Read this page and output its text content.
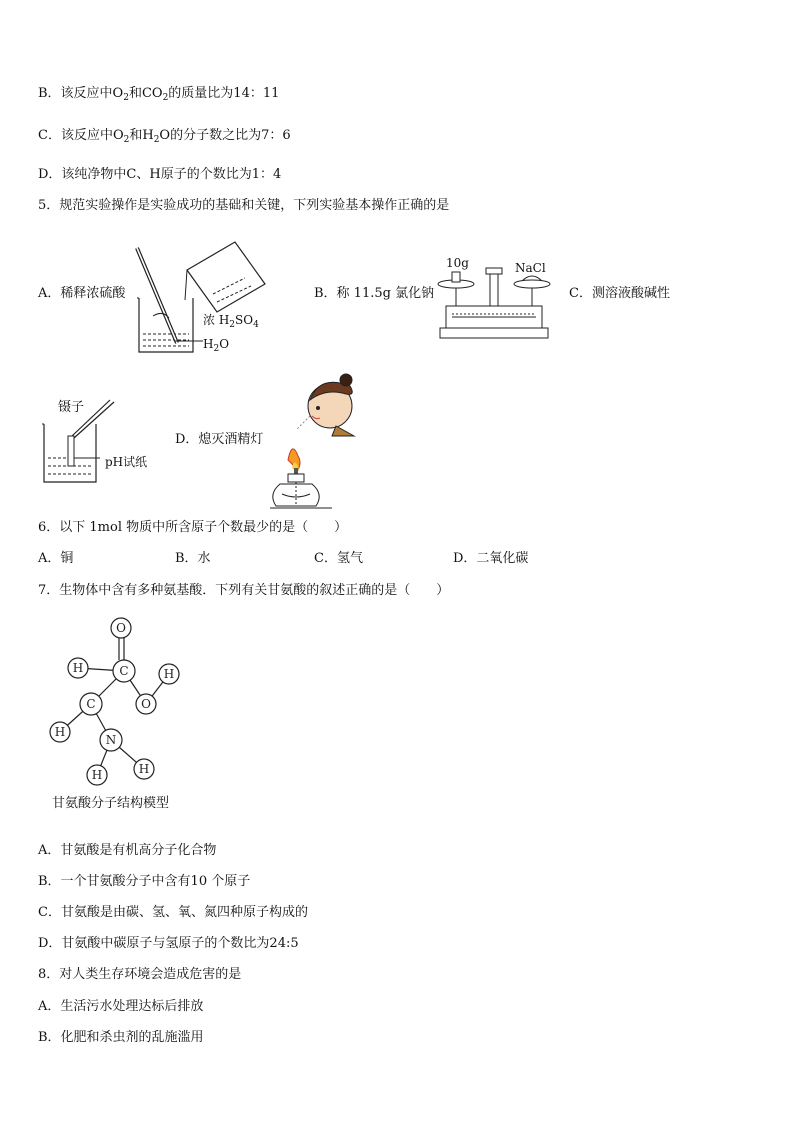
B．该反应中$O_2$和$CO_2$的质量比为14：11
C．该反应中$O_2$和$H_2O$的分子数之比为7：6
D．该纯净物中C、H原子的个数比为1：4
5．规范实验操作是实验成功的基础和关键，下列实验基本操作正确的是
A．稀释浓硫酸
浓 $H_2SO_4$
$H_2O$
B．称 11.5g 氯化钠
10g	NaCl
C．测溶液酸碱性
镊子
pH试纸
D．熄灭酒精灯
6．以下 1mol 物质中所含原子个数最少的是（　　）
A．铜	B．水	C．氢气	D．二氧化碳
7．生物体中含有多种氨基酸．下列有关甘氨酸的叙述正确的是（　　）
O
C
H	H
O
C
H
N
H	H
甘氨酸分子结构模型
A．甘氨酸是有机高分子化合物
B．一个甘氨酸分子中含有10 个原子
C．甘氨酸是由碳、氢、氧、氮四种原子构成的
D．甘氨酸中碳原子与氢原子的个数比为24:5
8．对人类生存环境会造成危害的是
A．生活污水处理达标后排放
B．化肥和杀虫剂的乱施滥用
